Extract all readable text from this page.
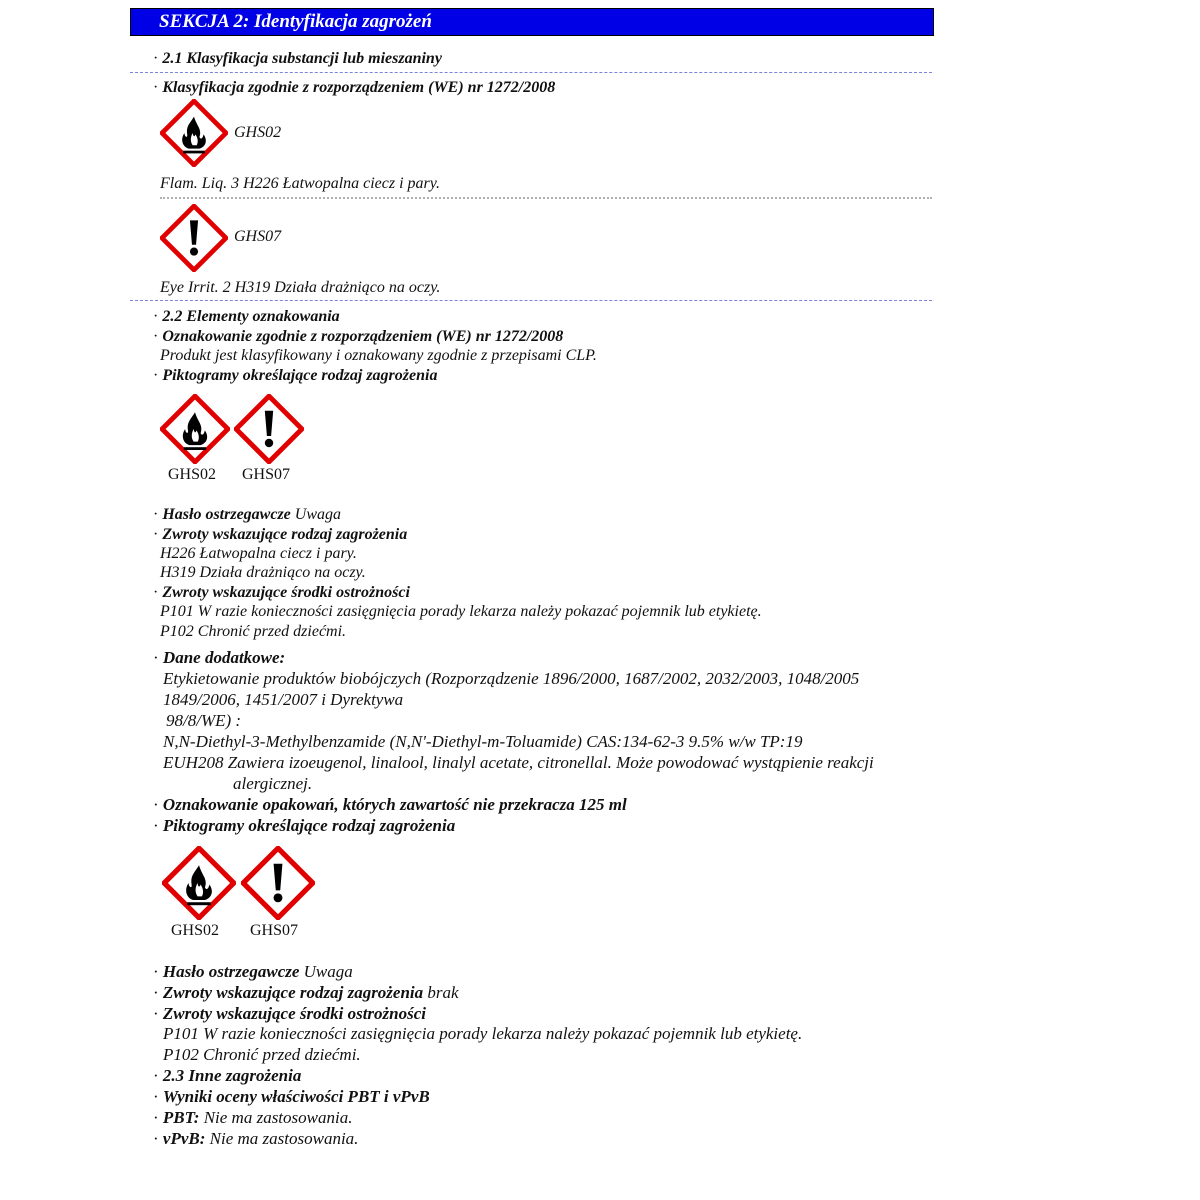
SEKCJA 2: Identyfikacja zagrożeń
· 2.1 Klasyfikacja substancji lub mieszaniny
· Klasyfikacja zgodnie z rozporządzeniem (WE) nr 1272/2008
GHS02
Flam. Liq. 3 H226 Łatwopalna ciecz i pary.
GHS07
Eye Irrit. 2 H319 Działa drażniąco na oczy.
· 2.2 Elementy oznakowania
· Oznakowanie zgodnie z rozporządzeniem (WE) nr 1272/2008
Produkt jest klasyfikowany i oznakowany zgodnie z przepisami CLP.
· Piktogramy określające rodzaj zagrożenia
GHS02 GHS07
· Hasło ostrzegawcze Uwaga
· Zwroty wskazujące rodzaj zagrożenia
H226 Łatwopalna ciecz i pary.
H319 Działa drażniąco na oczy.
· Zwroty wskazujące środki ostrożności
P101 W razie konieczności zasięgnięcia porady lekarza należy pokazać pojemnik lub etykietę.
P102 Chronić przed dziećmi.
· Dane dodatkowe:
Etykietowanie produktów biobójczych (Rozporządzenie 1896/2000, 1687/2002, 2032/2003, 1048/2005
1849/2006, 1451/2007 i Dyrektywa
98/8/WE) :
N,N-Diethyl-3-Methylbenzamide (N,N'-Diethyl-m-Toluamide) CAS:134-62-3 9.5% w/w TP:19
EUH208 Zawiera izoeugenol, linalool, linalyl acetate, citronellal. Może powodować wystąpienie reakcji
alergicznej.
· Oznakowanie opakowań, których zawartość nie przekracza 125 ml
· Piktogramy określające rodzaj zagrożenia
GHS02 GHS07
· Hasło ostrzegawcze Uwaga
· Zwroty wskazujące rodzaj zagrożenia brak
· Zwroty wskazujące środki ostrożności
P101 W razie konieczności zasięgnięcia porady lekarza należy pokazać pojemnik lub etykietę.
P102 Chronić przed dziećmi.
· 2.3 Inne zagrożenia
· Wyniki oceny właściwości PBT i vPvB
· PBT: Nie ma zastosowania.
· vPvB: Nie ma zastosowania.
